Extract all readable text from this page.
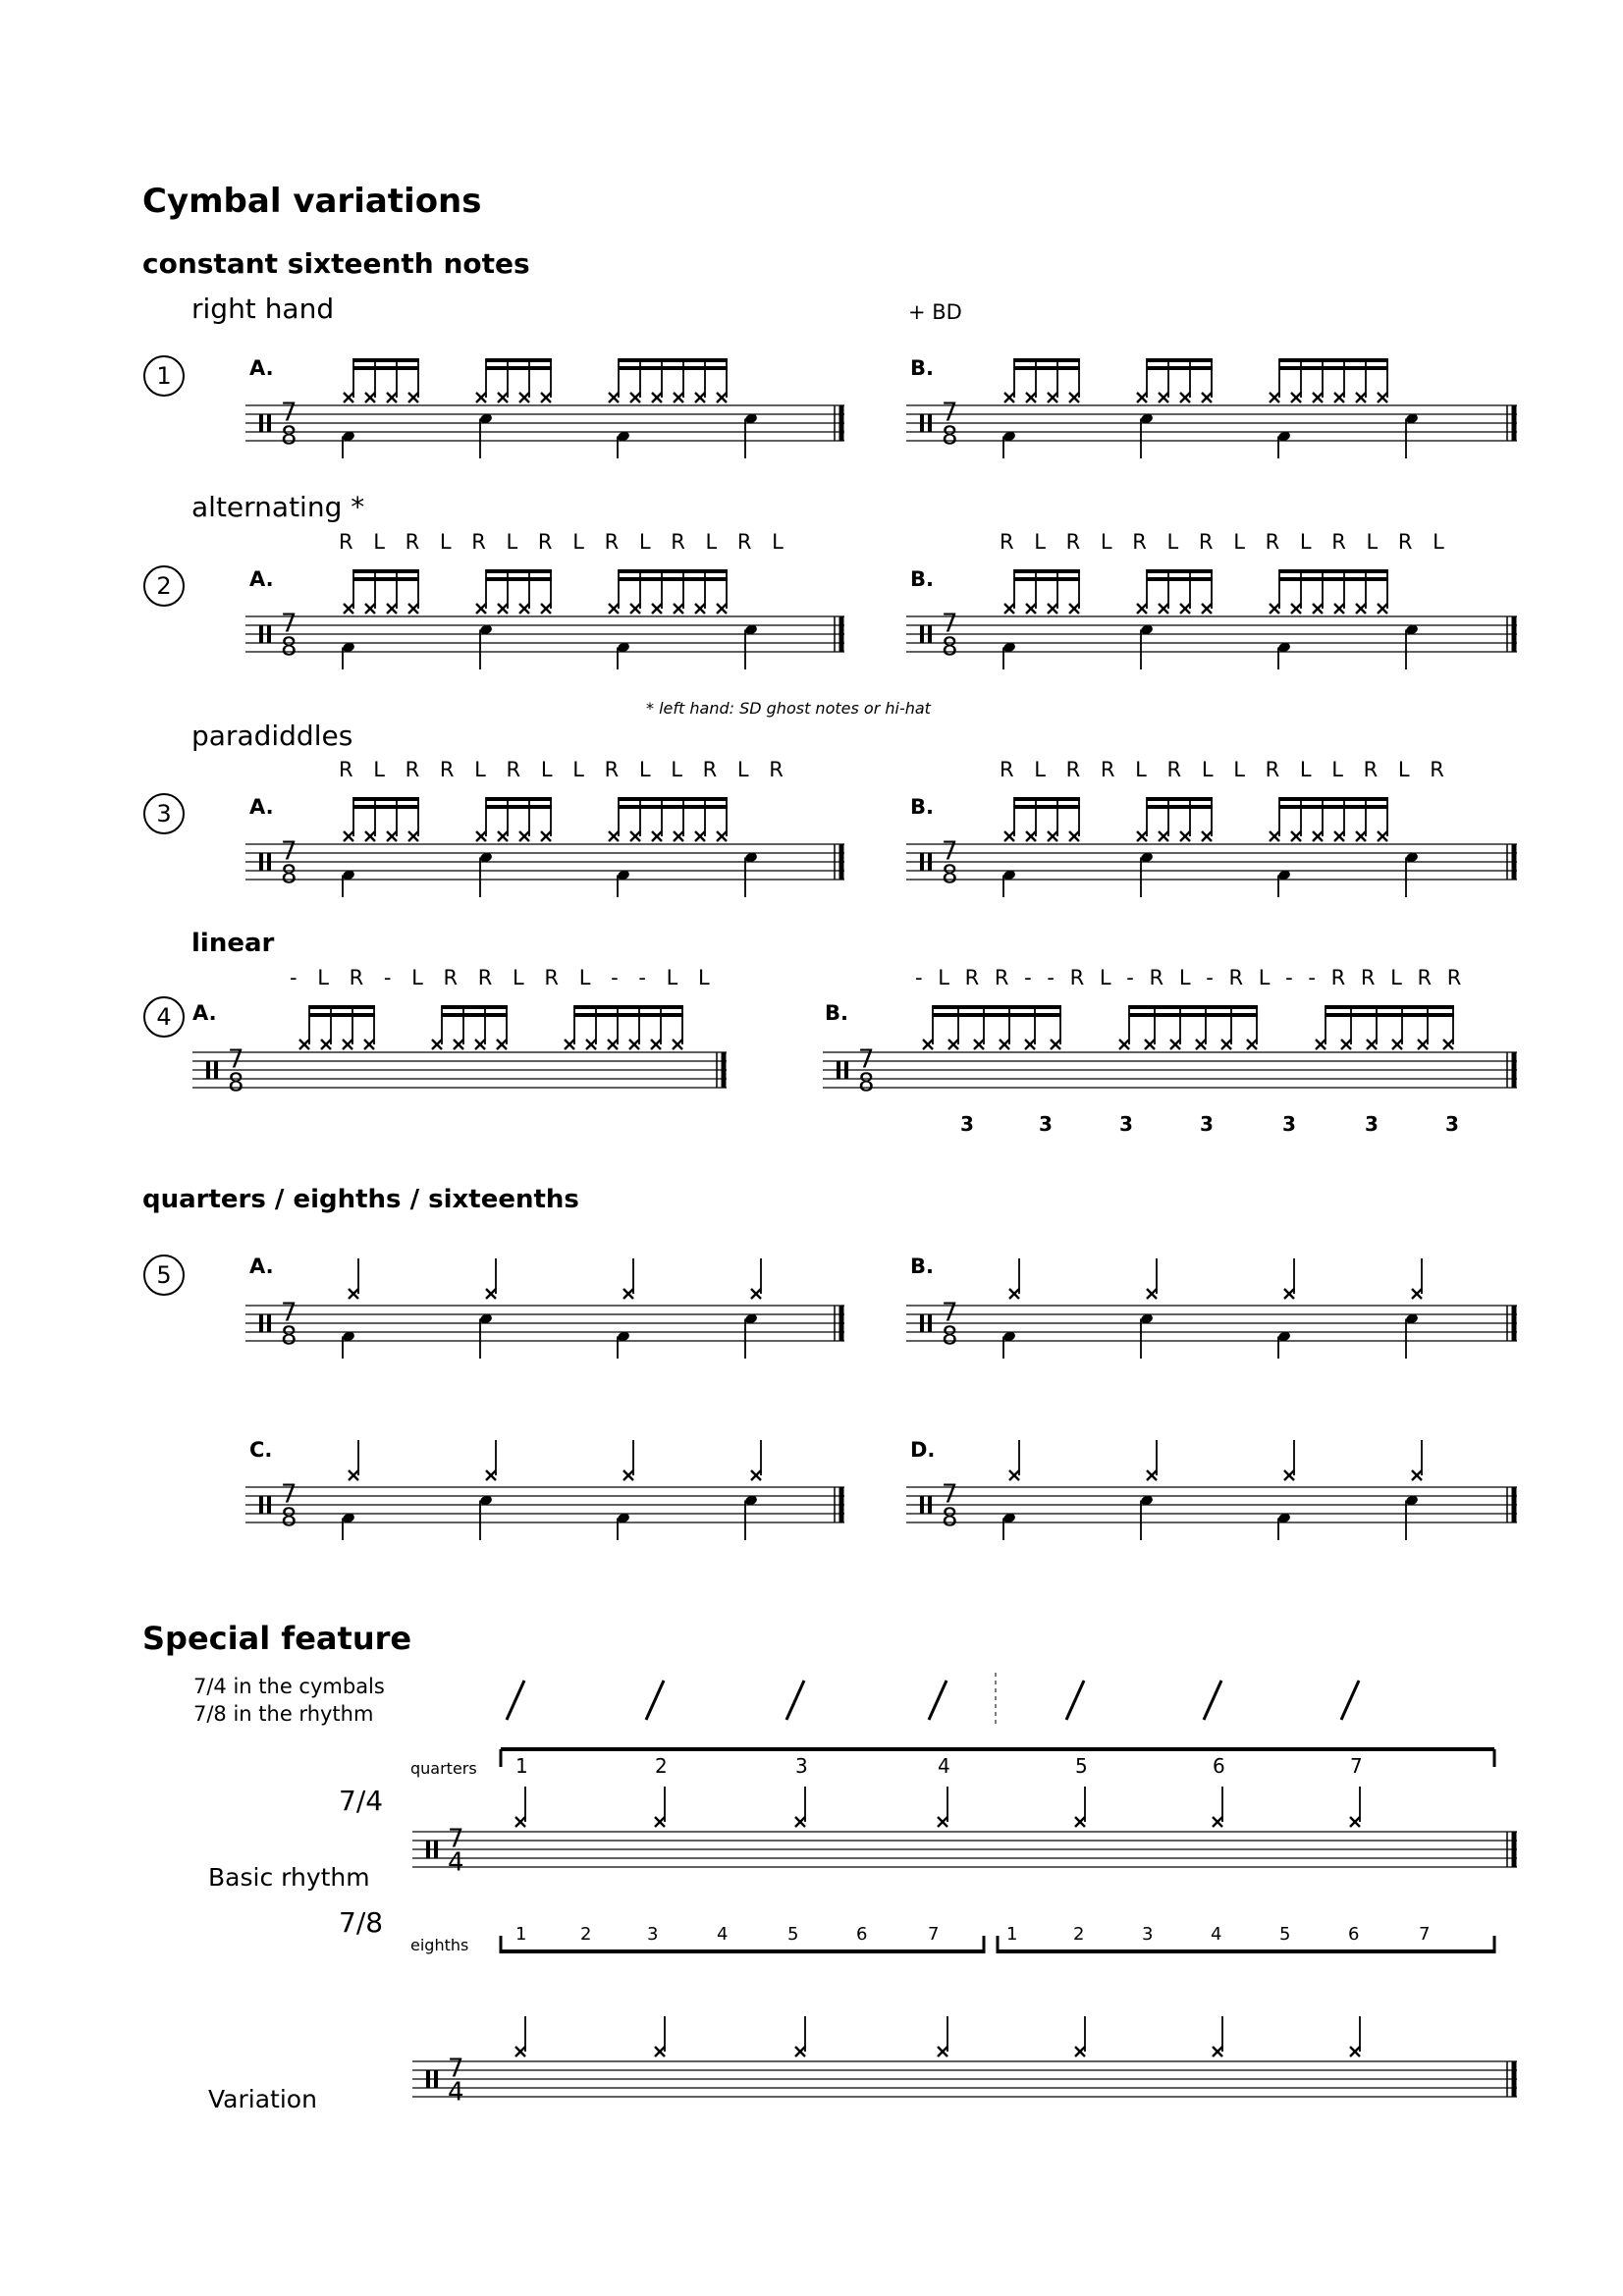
Cymbal variations
constant sixteenth notes
right hand	+ BD
1
alternating *
R L R L R L R L R L R L R L	R L R L R L R L R L R L R L
2
* left hand: SD ghost notes or hi-hat
paradiddles
R L R R L R L L R L L R L R	R L R R L R L L R L L R L R
3
linear
- L R - L R R L R L - - L L	- L R R - - R L - R L - R L - - R R L R R
4
quarters / eighths / sixteenths
5
A.	B.
A.	B.
A.	B.
A.	B.
A.	B.
C.	D.
Special feature
7/4 in the cymbals
7/8 in the rhythm
quarters
7/4
Basic rhythm
7/8
eighths
Variation
7
8
7
8
7
8
7
8
7
8
7
8
7
8
7
8
3	3	3	3	3	3	3
7
8
7
8
7
8
7
8
1	2	3	4	5	6	7
7
4
7
4
1	2	3	4	5	6	7	1	2	3	4	5	6	7
